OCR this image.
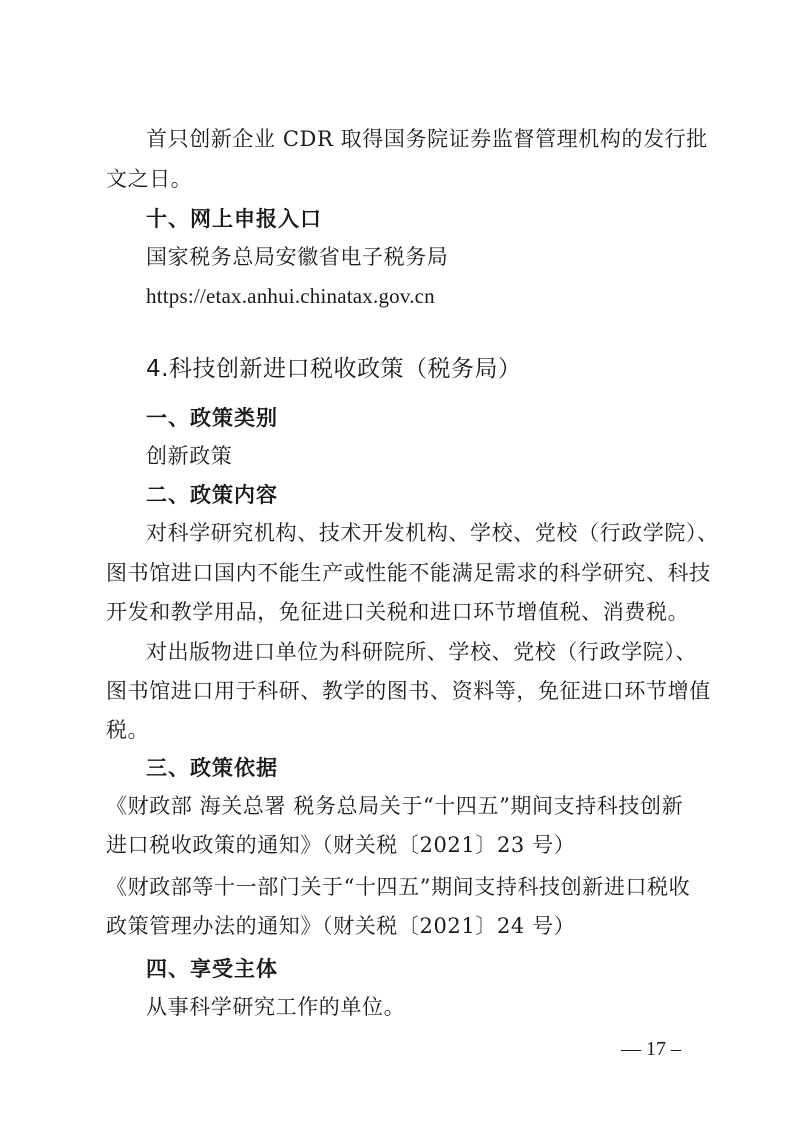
首只创新企业 CDR 取得国务院证券监督管理机构的发行批
文之日。
十、网上申报入口
国家税务总局安徽省电子税务局
https://etax.anhui.chinatax.gov.cn
4.科技创新进口税收政策（税务局）
一、政策类别
创新政策
二、政策内容
对科学研究机构、技术开发机构、学校、党校（行政学院）、
图书馆进口国内不能生产或性能不能满足需求的科学研究、科技
开发和教学用品，免征进口关税和进口环节增值税、消费税。
对出版物进口单位为科研院所、学校、党校（行政学院）、
图书馆进口用于科研、教学的图书、资料等，免征进口环节增值
税。
三、政策依据
《财政部 海关总署 税务总局关于“十四五”期间支持科技创新
进口税收政策的通知》（财关税〔2021〕23 号）
《财政部等十一部门关于“十四五”期间支持科技创新进口税收
政策管理办法的通知》（财关税〔2021〕24 号）
四、享受主体
从事科学研究工作的单位。
— 17 –
